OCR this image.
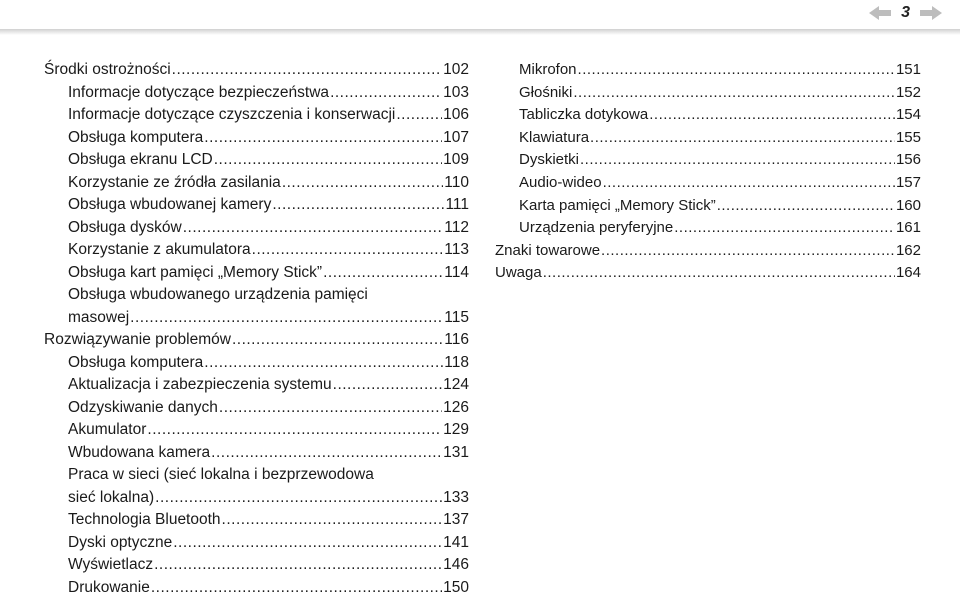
3
Środki ostrożności .....	102
Informacje dotyczące bezpieczeństwa .....	103
Informacje dotyczące czyszczenia i konserwacji .....	106
Obsługa komputera .....	107
Obsługa ekranu LCD .....	109
Korzystanie ze źródła zasilania .....	110
Obsługa wbudowanej kamery .....	111
Obsługa dysków .....	112
Korzystanie z akumulatora .....	113
Obsługa kart pamięci „Memory Stick” .....	114
Obsługa wbudowanego urządzenia pamięci
masowej .....	115
Rozwiązywanie problemów .....	116
Obsługa komputera .....	118
Aktualizacja i zabezpieczenia systemu .....	124
Odzyskiwanie danych .....	126
Akumulator .....	129
Wbudowana kamera .....	131
Praca w sieci (sieć lokalna i bezprzewodowa
sieć lokalna) .....	133
Technologia Bluetooth .....	137
Dyski optyczne .....	141
Wyświetlacz .....	146
Drukowanie .....	150
Mikrofon .....	151
Głośniki .....	152
Tabliczka dotykowa .....	154
Klawiatura .....	155
Dyskietki .....	156
Audio-wideo .....	157
Karta pamięci „Memory Stick” .....	160
Urządzenia peryferyjne .....	161
Znaki towarowe .....	162
Uwaga .....	164
